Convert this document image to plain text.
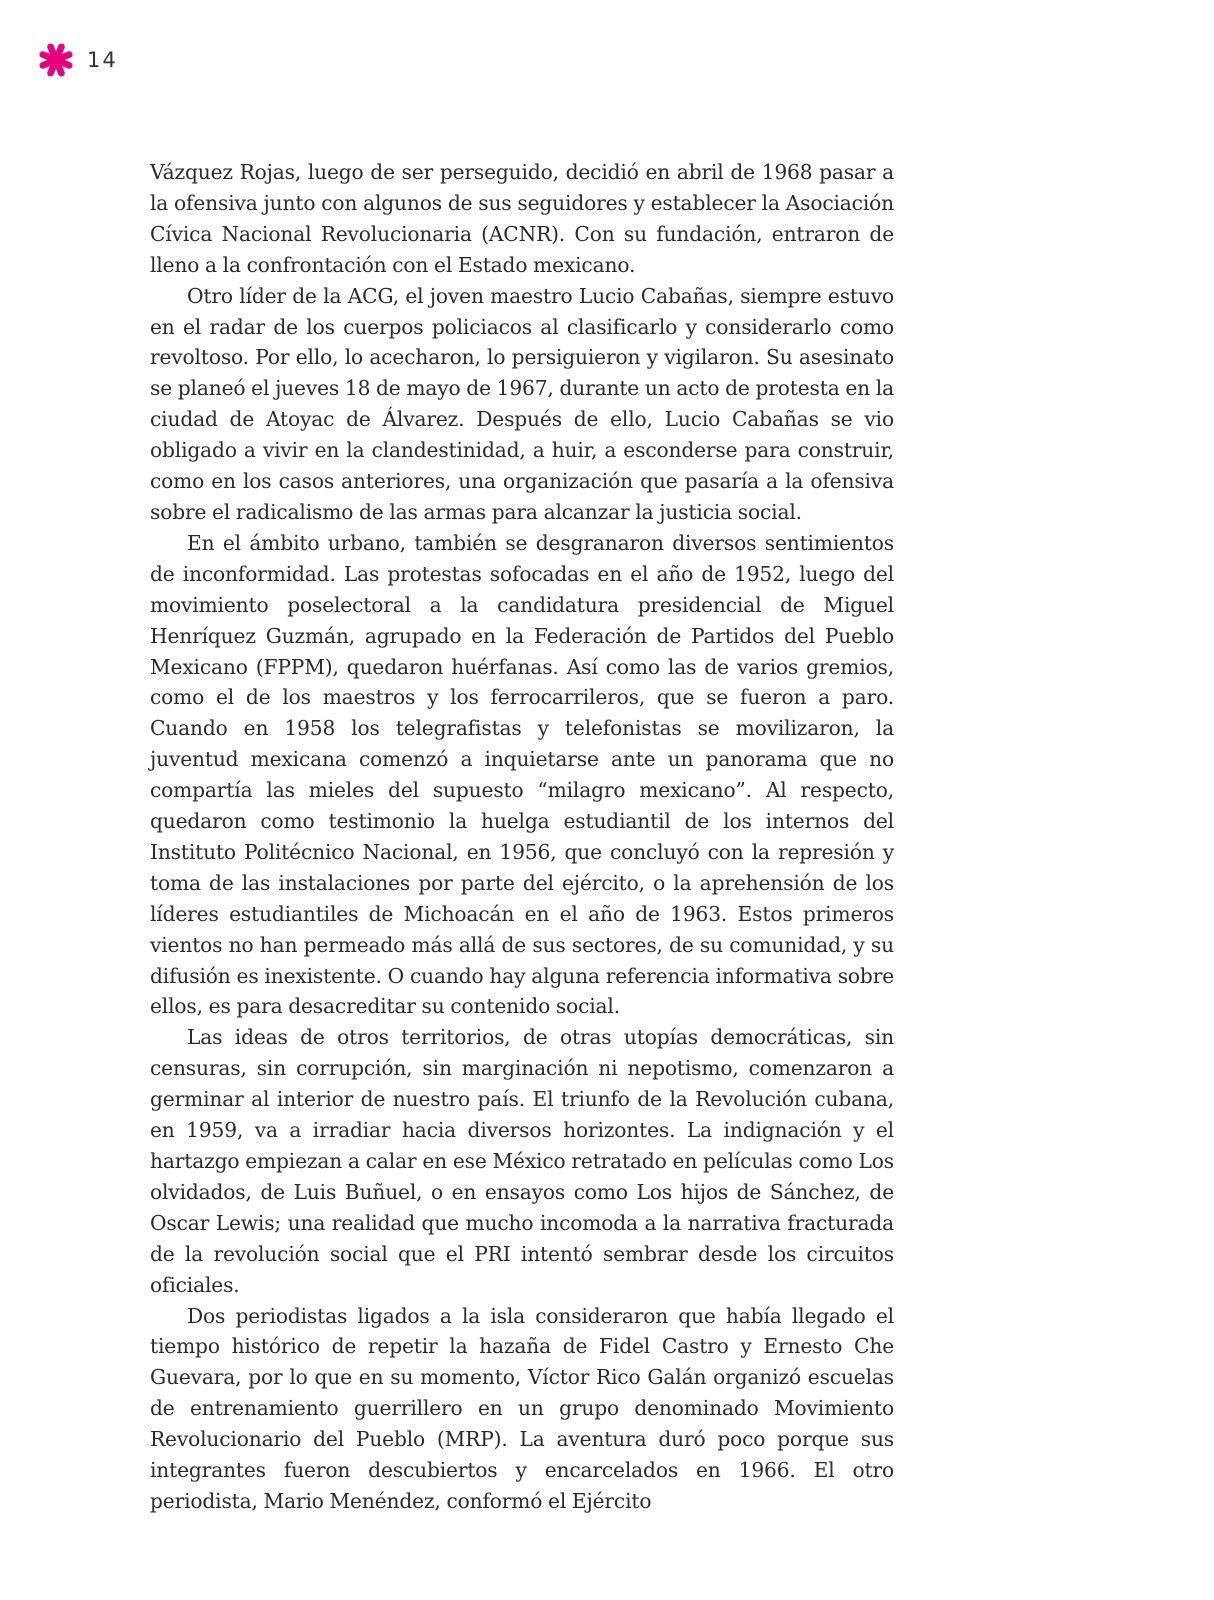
14

Vázquez Rojas, luego de ser perseguido, decidió en abril de 1968 pasar a la ofensiva junto con algunos de sus seguidores y establecer la Asociación Cívica Nacional Revolucionaria (ACNR). Con su fundación, entraron de lleno a la confrontación con el Estado mexicano.

Otro líder de la ACG, el joven maestro Lucio Cabañas, siempre estuvo en el radar de los cuerpos policiacos al clasificarlo y considerarlo como revoltoso. Por ello, lo acecharon, lo persiguieron y vigilaron. Su asesinato se planeó el jueves 18 de mayo de 1967, durante un acto de protesta en la ciudad de Atoyac de Álvarez. Después de ello, Lucio Cabañas se vio obligado a vivir en la clandestinidad, a huir, a esconderse para construir, como en los casos anteriores, una organización que pasaría a la ofensiva sobre el radicalismo de las armas para alcanzar la justicia social.

En el ámbito urbano, también se desgranaron diversos sentimientos de inconformidad. Las protestas sofocadas en el año de 1952, luego del movimiento poselectoral a la candidatura presidencial de Miguel Henríquez Guzmán, agrupado en la Federación de Partidos del Pueblo Mexicano (FPPM), quedaron huérfanas. Así como las de varios gremios, como el de los maestros y los ferrocarrileros, que se fueron a paro. Cuando en 1958 los telegrafistas y telefonistas se movilizaron, la juventud mexicana comenzó a inquietarse ante un panorama que no compartía las mieles del supuesto “milagro mexicano”. Al respecto, quedaron como testimonio la huelga estudiantil de los internos del Instituto Politécnico Nacional, en 1956, que concluyó con la represión y toma de las instalaciones por parte del ejército, o la aprehensión de los líderes estudiantiles de Michoacán en el año de 1963. Estos primeros vientos no han permeado más allá de sus sectores, de su comunidad, y su difusión es inexistente. O cuando hay alguna referencia informativa sobre ellos, es para desacreditar su contenido social.

Las ideas de otros territorios, de otras utopías democráticas, sin censuras, sin corrupción, sin marginación ni nepotismo, comenzaron a germinar al interior de nuestro país. El triunfo de la Revolución cubana, en 1959, va a irradiar hacia diversos horizontes. La indignación y el hartazgo empiezan a calar en ese México retratado en películas como Los olvidados, de Luis Buñuel, o en ensayos como Los hijos de Sánchez, de Oscar Lewis; una realidad que mucho incomoda a la narrativa fracturada de la revolución social que el PRI intentó sembrar desde los circuitos oficiales.

Dos periodistas ligados a la isla consideraron que había llegado el tiempo histórico de repetir la hazaña de Fidel Castro y Ernesto Che Guevara, por lo que en su momento, Víctor Rico Galán organizó escuelas de entrenamiento guerrillero en un grupo denominado Movimiento Revolucionario del Pueblo (MRP). La aventura duró poco porque sus integrantes fueron descubiertos y encarcelados en 1966. El otro periodista, Mario Menéndez, conformó el Ejército
